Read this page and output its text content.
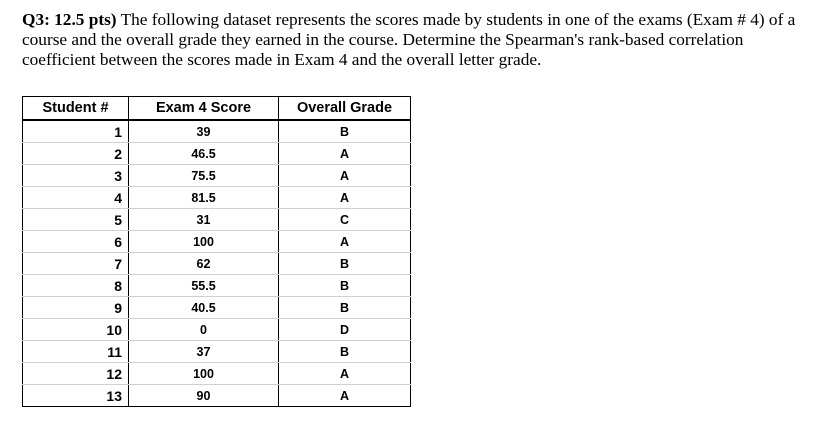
Q3: 12.5 pts) The following dataset represents the scores made by students in one of the exams (Exam # 4) of a course and the overall grade they earned in the course. Determine the Spearman's rank-based correlation coefficient between the scores made in Exam 4 and the overall letter grade.
Student #	Exam 4 Score	Overall Grade
1	39	B
2	46.5	A
3	75.5	A
4	81.5	A
5	31	C
6	100	A
7	62	B
8	55.5	B
9	40.5	B
10	0	D
11	37	B
12	100	A
13	90	A
